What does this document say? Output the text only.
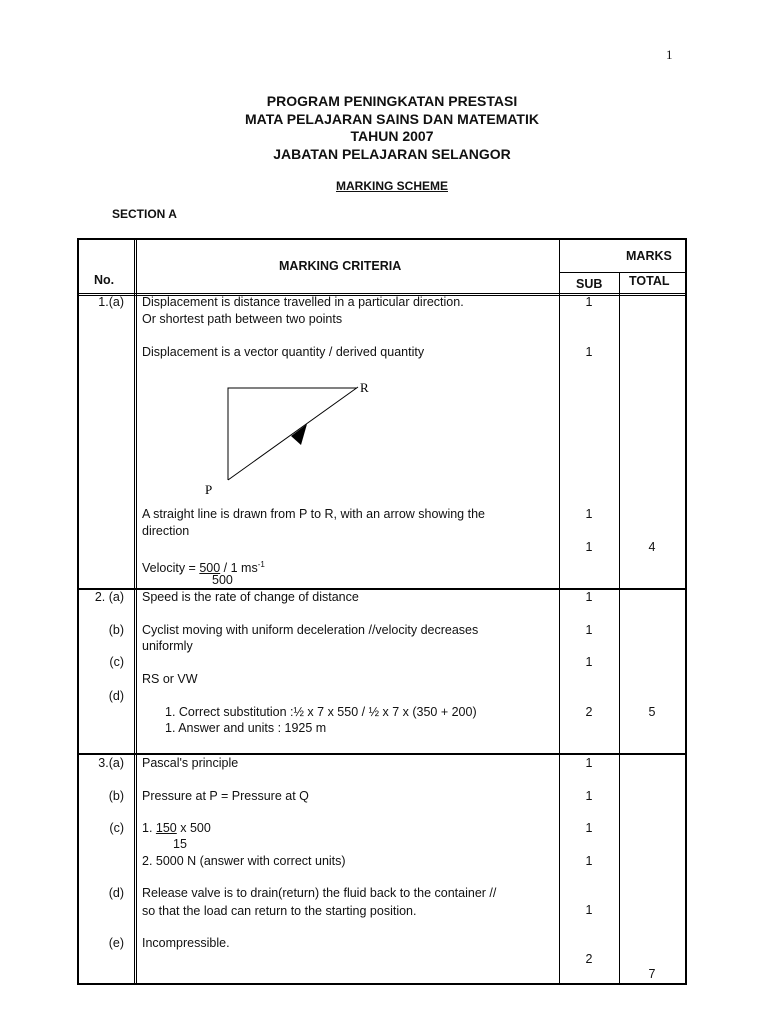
1
PROGRAM PENINGKATAN PRESTASI
MATA PELAJARAN SAINS DAN MATEMATIK
TAHUN 2007
JABATAN PELAJARAN SELANGOR
MARKING SCHEME
SECTION A
No.
MARKING CRITERIA
MARKS
SUB TOTAL
1.(a) Displacement is distance travelled in a particular direction.
Or shortest path between two points
Displacement is a vector quantity / derived quantity
R
P
A straight line is drawn from P to R, with an arrow showing the
direction
Velocity = 500 / 1 $ms^{-1}$
500
1
1
1
1	4
2. (a)
(b)
(c)
(d)
Speed is the rate of change of distance
Cyclist moving with uniform deceleration //velocity decreases
uniformly
RS or VW
1. Correct substitution :½ x 7 x 550 / ½ x 7 x (350 + 200)
1. Answer and units : 1925 m
1
1
1
2	5
3.(a)
(b)
(c)
(d)
(e)
Pascal's principle
Pressure at P = Pressure at Q
1. 150 x 500
15
2. 5000 N (answer with correct units)
Release valve is to drain(return) the fluid back to the container //
so that the load can return to the starting position.
Incompressible.
1
1
1
1
1
2
7
